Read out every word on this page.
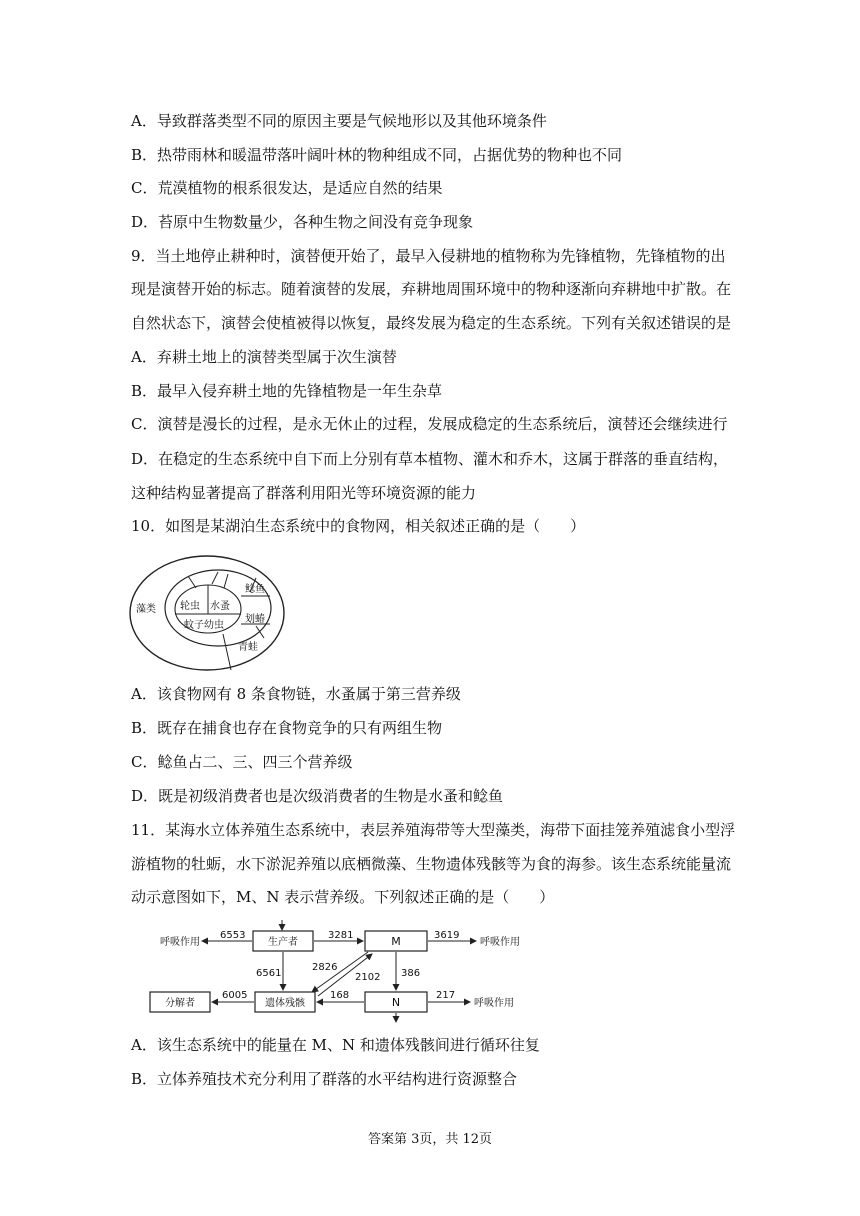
A．导致群落类型不同的原因主要是气候地形以及其他环境条件
B．热带雨林和暖温带落叶阔叶林的物种组成不同，占据优势的物种也不同
C．荒漠植物的根系很发达，是适应自然的结果
D．苔原中生物数量少，各种生物之间没有竞争现象
9．当土地停止耕种时，演替便开始了，最早入侵耕地的植物称为先锋植物，先锋植物的出
现是演替开始的标志。随着演替的发展，弃耕地周围环境中的物种逐渐向弃耕地中扩散。在
自然状态下，演替会使植被得以恢复，最终发展为稳定的生态系统。下列有关叙述错误的是
A．弃耕土地上的演替类型属于次生演替
B．最早入侵弃耕土地的先锋植物是一年生杂草
C．演替是漫长的过程，是永无休止的过程，发展成稳定的生态系统后，演替还会继续进行
D．在稳定的生态系统中自下而上分别有草本植物、灌木和乔木，这属于群落的垂直结构，
这种结构显著提高了群落利用阳光等环境资源的能力
10．如图是某湖泊生态系统中的食物网，相关叙述正确的是（　　）
藻类 轮虫 水蚤
鲶鱼
蚊子幼虫
划蝽
青蛙
A．该食物网有 8 条食物链，水蚤属于第三营养级
B．既存在捕食也存在食物竞争的只有两组生物
C．鲶鱼占二、三、四三个营养级
D．既是初级消费者也是次级消费者的生物是水蚤和鲶鱼
11．某海水立体养殖生态系统中，表层养殖海带等大型藻类，海带下面挂笼养殖滤食小型浮
游植物的牡蛎，水下淤泥养殖以底栖微藻、生物遗体残骸等为食的海参。该生态系统能量流
动示意图如下，M、N 表示营养级。下列叙述正确的是（　　）
生产者	M
N
遗体残骸
分解者
呼吸作用	呼吸作用
呼吸作用
6553	3281	3619
6561
2826
2102 386
6005	168	217
A．该生态系统中的能量在 M、N 和遗体残骸间进行循环往复
B．立体养殖技术充分利用了群落的水平结构进行资源整合
答案第 3页，共 12页
